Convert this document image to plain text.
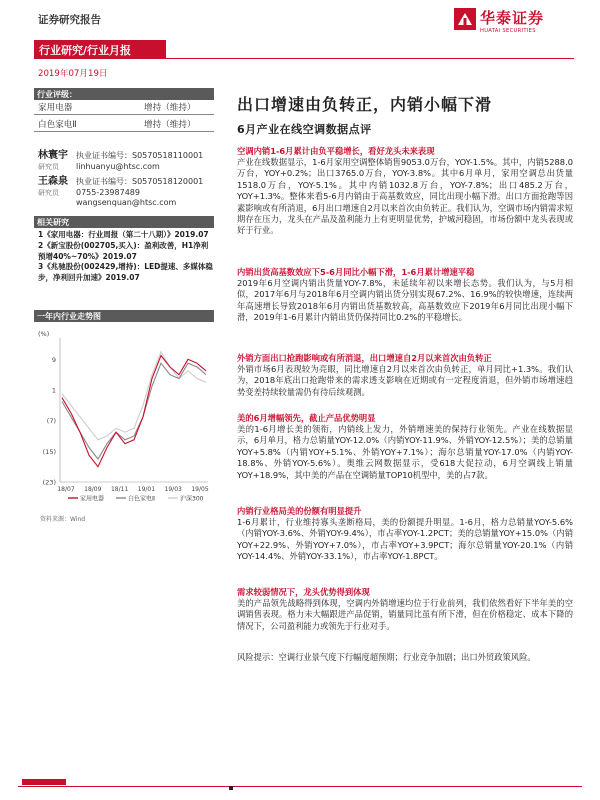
证券研究报告	华泰证券
HUATAI SECURITIES
行业研究/行业月报
2019年07月19日
行业评级：
家用电器	增持（维持）
白色家电Ⅱ	增持（维持）
林寰宇
研究员
执业证书编号：S0570518110001
linhuanyu@htsc.com
王森泉
研究员
执业证书编号：S0570518120001
0755-23987489
wangsenquan@htsc.com
相关研究
1《家用电器：行业周报（第二十八期）》2019.07
2《新宝股份(002705,买入)：盈利改善，H1净利预增40%~70%》2019.07
3《兆驰股份(002429,增持)：LED提速、多媒体稳步，净利回升加速》2019.07
一年内行业走势图
(%)
9
1
(7)
(15)
(23)
18/07 18/09 18/11 19/01 19/03 19/05
家用电器	白色家电Ⅱ	沪深300
资料来源：Wind
出口增速由负转正，内销小幅下滑
6月产业在线空调数据点评
空调内销1-6月累计由负平稳增长，看好龙头未来表现
产业在线数据显示，1-6月家用空调整体销售9053.0万台，YOY-1.5%。其中，内销5288.0万台，YOY+0.2%；出口3765.0万台，YOY-3.8%。其中6月单月，家用空调总出货量1518.0万台，YOY-5.1%。其中内销1032.8万台，YOY-7.8%；出口485.2万台，YOY+1.3%。整体来看5-6月内销由于高基数效应，同比出现小幅下滑。出口方面抢跑等因素影响或有所消退，6月出口增速自2月以来首次由负转正。我们认为，空调市场内销需求短期存在压力，龙头在产品及盈利能力上有更明显优势，护城河稳固，市场份额中龙头表现或好于行业。
内销出货高基数效应下5-6月同比小幅下滑，1-6月累计增速平稳
2019年6月空调内销出货量YOY-7.8%，未延续年初以来增长态势。我们认为，与5月相似，2017年6月与2018年6月空调内销出货分别实现67.2%、16.9%的较快增速，连续两年高速增长导致2018年6月内销出货基数较高，高基数效应下2019年6月同比出现小幅下滑，2019年1-6月累计内销出货仍保持同比0.2%的平稳增长。
外销方面出口抢跑影响或有所消退，出口增速自2月以来首次由负转正
外销市场6月表现较为亮眼，同比增速自2月以来首次由负转正，单月同比+1.3%。我们认为，2018年底出口抢跑带来的需求透支影响在近期或有一定程度消退，但外销市场增速趋势变差持续较量需仍有待后续观测。
美的6月增幅领先，截止产品优势明显
美的1-6月增长美的领衔，内销线上发力，外销增速美的保持行业领先。产业在线数据显示，6月单月，格力总销量YOY-12.0%（内销YOY-11.9%、外销YOY-12.5%）；美的总销量YOY+5.8%（内销YOY+5.1%、外销YOY+7.1%）；海尔总销量YOY-17.0%（内销YOY-18.8%、外销YOY-5.6%）。奥维云网数据显示，受618大促拉动，6月空调线上销量YOY+18.9%，其中美的产品在空调销量TOP10机型中，美的占7款。
内销行业格局美的份额有明显提升
1-6月累计，行业维持寡头垄断格局，美的份额提升明显。1-6月，格力总销量YOY-5.6%（内销YOY-3.6%、外销YOY-9.4%），市占率YOY-1.2PCT；美的总销量YOY+15.0%（内销YOY+22.9%、外销YOY+7.0%），市占率YOY+3.9PCT；海尔总销量YOY-20.1%（内销YOY-14.4%、外销YOY-33.1%），市占率YOY-1.8PCT。
需求较弱情况下，龙头优势得到体现
美的产品领先战略得到体现，空调内外销增速均位于行业前列，我们依然看好下半年美的空调销售表现。格力未大幅跟进产品促销，销量同比虽有所下滑，但在价格稳定、成本下降的情况下，公司盈利能力或领先于行业对手。
风险提示：空调行业景气度下行幅度超预期；行业竞争加剧；出口外贸政策风险。
